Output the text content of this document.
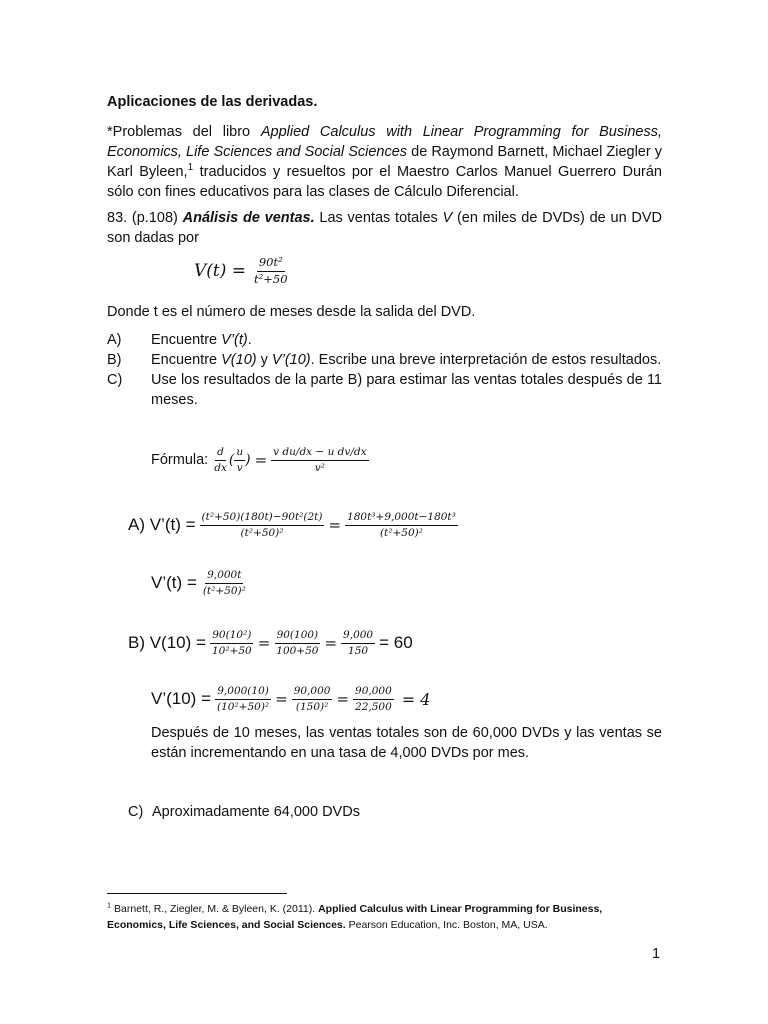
Aplicaciones de las derivadas.
*Problemas del libro Applied Calculus with Linear Programming for Business, Economics, Life Sciences and Social Sciences de Raymond Barnett, Michael Ziegler y Karl Byleen,$^1$ traducidos y resueltos por el Maestro Carlos Manuel Guerrero Durán sólo con fines educativos para las clases de Cálculo Diferencial.
83. (p.108) Análisis de ventas. Las ventas totales V (en miles de DVDs) de un DVD son dadas por
$V(t) = \frac{\text{90t²}}{\text{t²+50}}$
Donde t es el número de meses desde la salida del DVD.
A)	Encuentre V’(t).
B)	Encuentre V(10) y V’(10). Escribe una breve interpretación de estos resultados.
C)	Use los resultados de la parte B) para estimar las ventas totales después de 11 meses.
Fórmula: $\frac{d}{dx}$ ( $\frac{u}{v}$ ) = $\frac{\text{v du/dx − u dv/dx}}{\text{v²}}$
A) V’(t) = $\frac{\text{(t²+50)(180t)−90t²(2t)}}{\text{(t²+50)²}} = \frac{\text{180t³+9,000t−180t³}}{\text{(t²+50)²}}$
V’(t) = $\frac{9,000t}{\text{(t²+50)²}}$
B) $V(10) = \frac{\text{90(10²)}}{\text{10²+50}} = \frac{90(100)}{100+50} = \frac{9,000}{150} = 60$
V’(10) = $\frac{9,000(10)}{\text{(10²+50)²}} = \frac{90,000}{\text{(150)²}} = \frac{90,000}{22,500} = 4$
Después de 10 meses, las ventas totales son de 60,000 DVDs y las ventas se están incrementando en una tasa de 4,000 DVDs por mes.
C) Aproximadamente 64,000 DVDs
$^1$ Barnett, R., Ziegler, M. & Byleen, K. (2011). Applied Calculus with Linear Programming for Business, Economics, Life Sciences, and Social Sciences. Pearson Education, Inc. Boston, MA, USA.
1
